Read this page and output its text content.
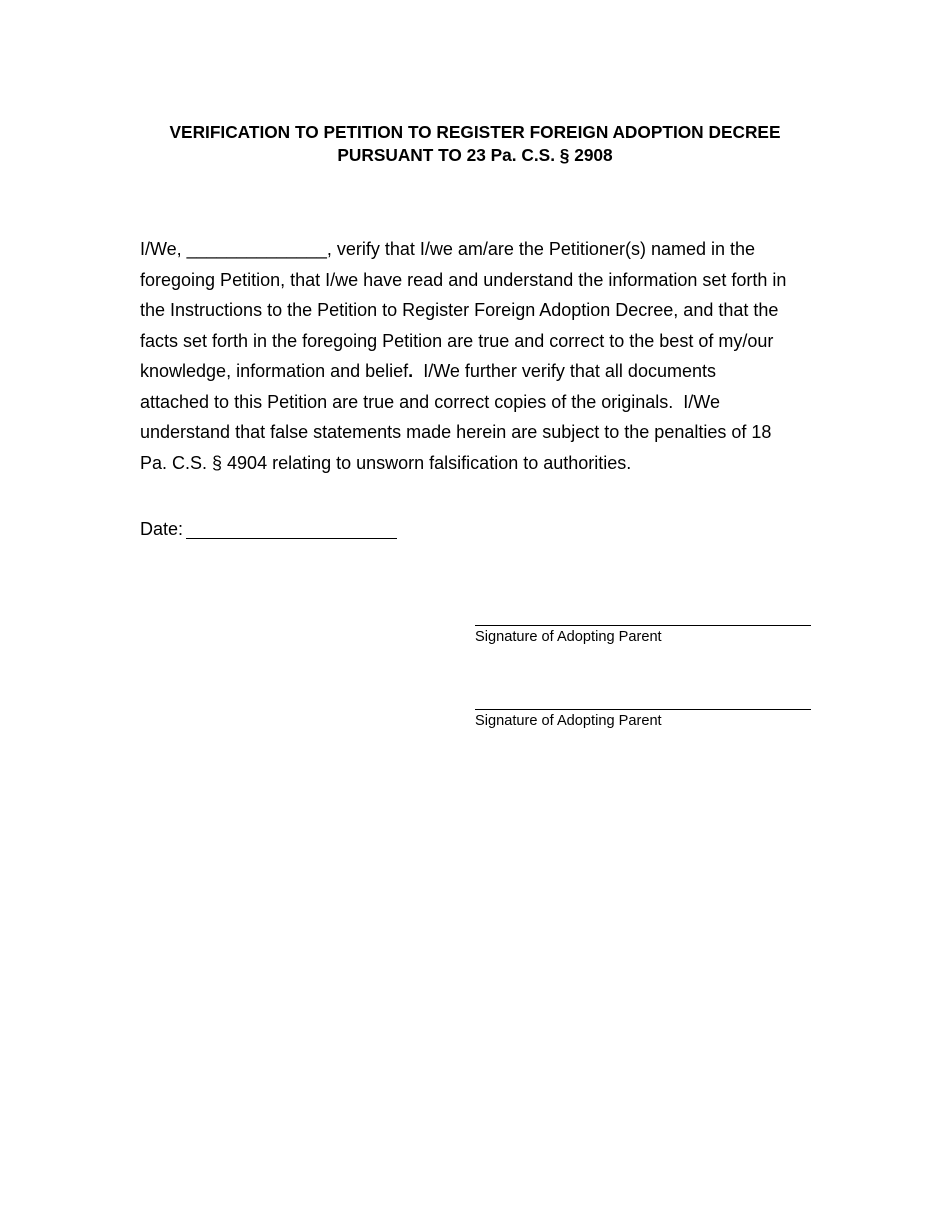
VERIFICATION TO PETITION TO REGISTER FOREIGN ADOPTION DECREE
PURSUANT TO 23 Pa. C.S. § 2908
I/We, ______________, verify that I/we am/are the Petitioner(s) named in the
foregoing Petition, that I/we have read and understand the information set forth in
the Instructions to the Petition to Register Foreign Adoption Decree, and that the
facts set forth in the foregoing Petition are true and correct to the best of my/our
knowledge, information and belief.  I/We further verify that all documents
attached to this Petition are true and correct copies of the originals.  I/We
understand that false statements made herein are subject to the penalties of 18
Pa. C.S. § 4904 relating to unsworn falsification to authorities.
Date:
Signature of Adopting Parent
Signature of Adopting Parent
